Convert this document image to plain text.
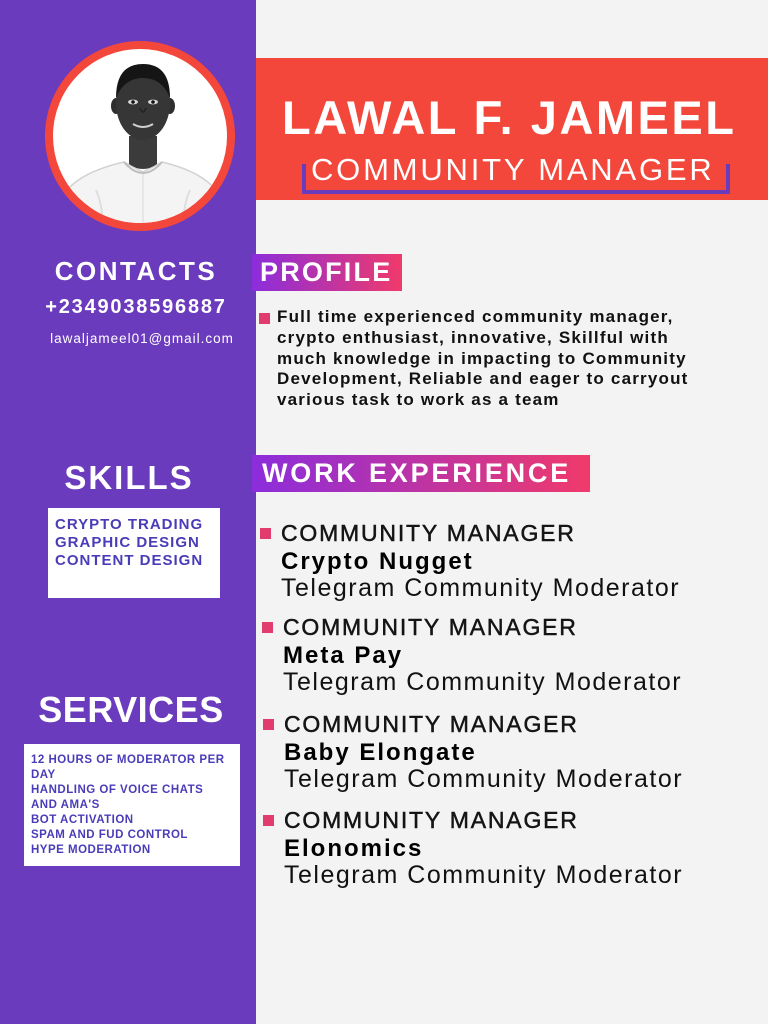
CONTACTS
+2349038596887
lawaljameel01@gmail.com
SKILLS
CRYPTO TRADING
GRAPHIC DESIGN
CONTENT DESIGN
SERVICES
12 HOURS OF MODERATOR PER
DAY
HANDLING OF VOICE CHATS
AND AMA'S
BOT ACTIVATION
SPAM AND FUD CONTROL
HYPE MODERATION
LAWAL F. JAMEEL
COMMUNITY MANAGER
PROFILE
Full time experienced community manager,
crypto enthusiast, innovative, Skillful with
much knowledge in impacting to Community
Development, Reliable and eager to carryout
various task to work as a team
WORK EXPERIENCE
COMMUNITY MANAGER
Crypto Nugget
Telegram Community Moderator
COMMUNITY MANAGER
Meta Pay
Telegram Community Moderator
COMMUNITY MANAGER
Baby Elongate
Telegram Community Moderator
COMMUNITY MANAGER
Elonomics
Telegram Community Moderator
